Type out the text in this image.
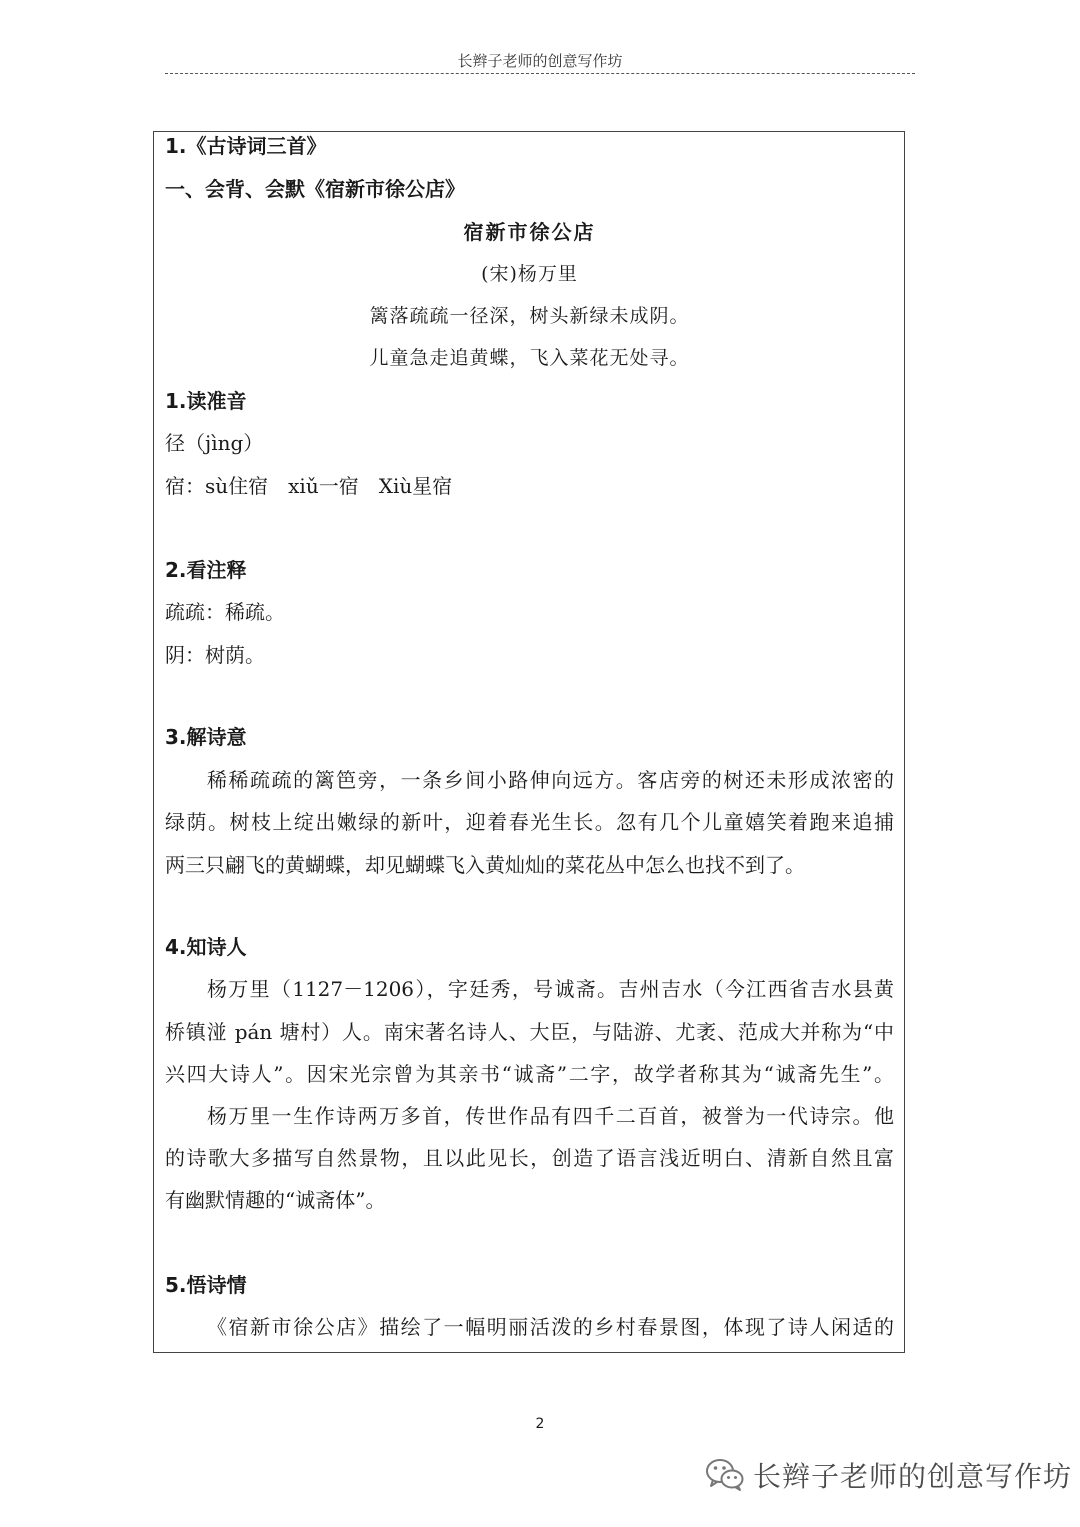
长辫子老师的创意写作坊
1.《古诗词三首》
一、会背、会默《宿新市徐公店》
宿新市徐公店
(宋)杨万里
篱落疏疏一径深，树头新绿未成阴。
儿童急走追黄蝶，飞入菜花无处寻。
1.读准音
径（jìng）
宿：sù住宿　xiǔ一宿　Xiù星宿
2.看注释
疏疏：稀疏。
阴：树荫。
3.解诗意
稀稀疏疏的篱笆旁，一条乡间小路伸向远方。客店旁的树还未形成浓密的
绿荫。树枝上绽出嫩绿的新叶，迎着春光生长。忽有几个儿童嬉笑着跑来追捕
两三只翩飞的黄蝴蝶，却见蝴蝶飞入黄灿灿的菜花丛中怎么也找不到了。
4.知诗人
杨万里（1127－1206），字廷秀，号诚斋。吉州吉水（今江西省吉水县黄
桥镇湴 pán 塘村）人。南宋著名诗人、大臣，与陆游、尤袤、范成大并称为“中
兴四大诗人”。因宋光宗曾为其亲书“诚斋”二字，故学者称其为“诚斋先生”。
杨万里一生作诗两万多首，传世作品有四千二百首，被誉为一代诗宗。他
的诗歌大多描写自然景物，且以此见长，创造了语言浅近明白、清新自然且富
有幽默情趣的“诚斋体”。
5.悟诗情
《宿新市徐公店》描绘了一幅明丽活泼的乡村春景图，体现了诗人闲适的
2
长辫子老师的创意写作坊
